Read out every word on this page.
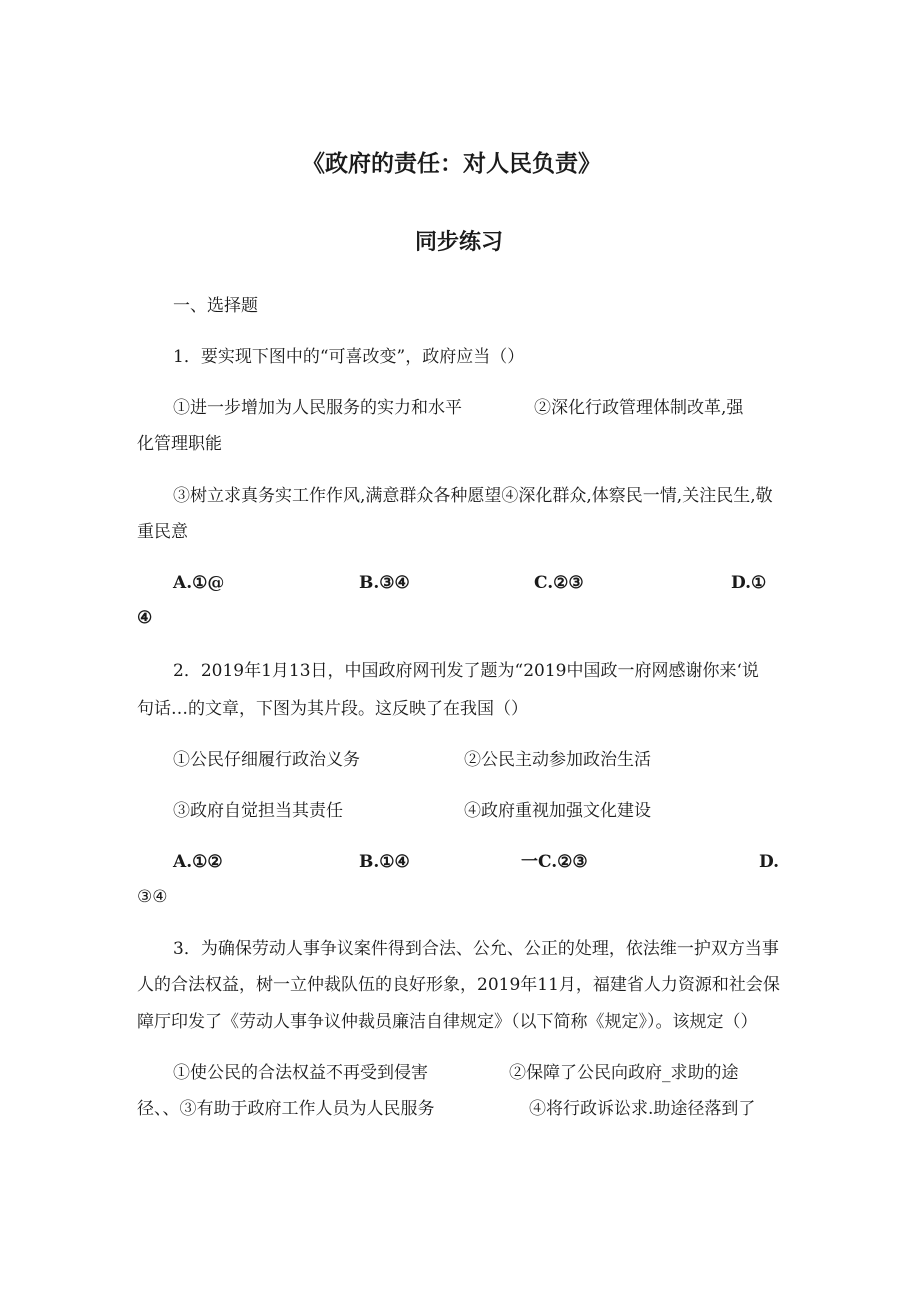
《政府的责任：对人民负责》
同步练习
一、选择题
1．要实现下图中的“可喜改变”，政府应当（）
①进一步增加为人民服务的实力和水平	②深化行政管理体制改革,强
化管理职能
③树立求真务实工作作风,满意群众各种愿望④深化群众,体察民一情,关注民生,敬
重民意
A.①@	B.③④	C.②③	D.①
④
2．2019年1月13日，中国政府网刊发了题为“2019中国政一府网感谢你来‘说
句话…的文章，下图为其片段。这反映了在我国（）
①公民仔细履行政治义务	②公民主动参加政治生活
③政府自觉担当其责任	④政府重视加强文化建设
A.①②	B.①④	一C.②③	D.
③④
3．为确保劳动人事争议案件得到合法、公允、公正的处理，依法维一护双方当事
人的合法权益，树一立仲裁队伍的良好形象，2019年11月，福建省人力资源和社会保
障厅印发了《劳动人事争议仲裁员廉洁自律规定》（以下简称《规定》）。该规定（）
①使公民的合法权益不再受到侵害	②保障了公民向政府_求助的途
径、、③有助于政府工作人员为人民服务	④将行政诉讼求.助途径落到了
